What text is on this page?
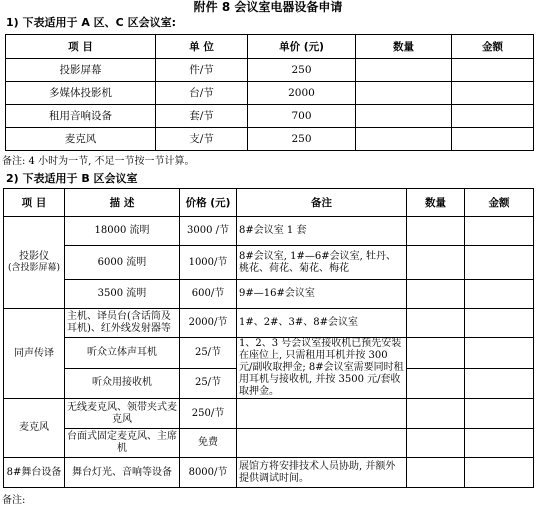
附件 8 会议室电器设备申请
1) 下表适用于 A 区、C 区会议室:
项 目	单 位	单价 (元)	数量	金额
投影屏幕	件/节	250		
多媒体投影机	台/节	2000		
租用音响设备	套/节	700		
麦克风	支/节	250		
备注: 4 小时为一节, 不足一节按一节计算。
2) 下表适用于 B 区会议室
项 目	描 述	价格 (元)	备注	数量	金额

投影仪
(含投影屏幕)	18000 流明	3000 /节	8#会议室 1 套		
	6000 流明	1000/节	8#会议室, 1#—6#会议室, 牡丹、桃花、荷花、菊花、梅花		
	3500 流明	600/节	9#—16#会议室		
同声传译	主机、译员台(含话筒及耳机)、红外线发射器等	2000/节	1#、2#、3#、8#会议室		
	听众立体声耳机	25/节	1、2、3 号会议室接收机已预先安装在座位上, 只需租用耳机并按 300 元/副收取押金; 8#会议室需要同时租用耳机与接收机, 并按 3500 元/套收取押金。		
	听众用接收机	25/节			
麦克风	无线麦克风、领带夹式麦克风	250/节			
	台面式固定麦克风、主席机	免费			
8#舞台设备	舞台灯光、音响等设备	8000/节	展馆方将安排技术人员协助, 并额外提供调试时间。		
备注:
